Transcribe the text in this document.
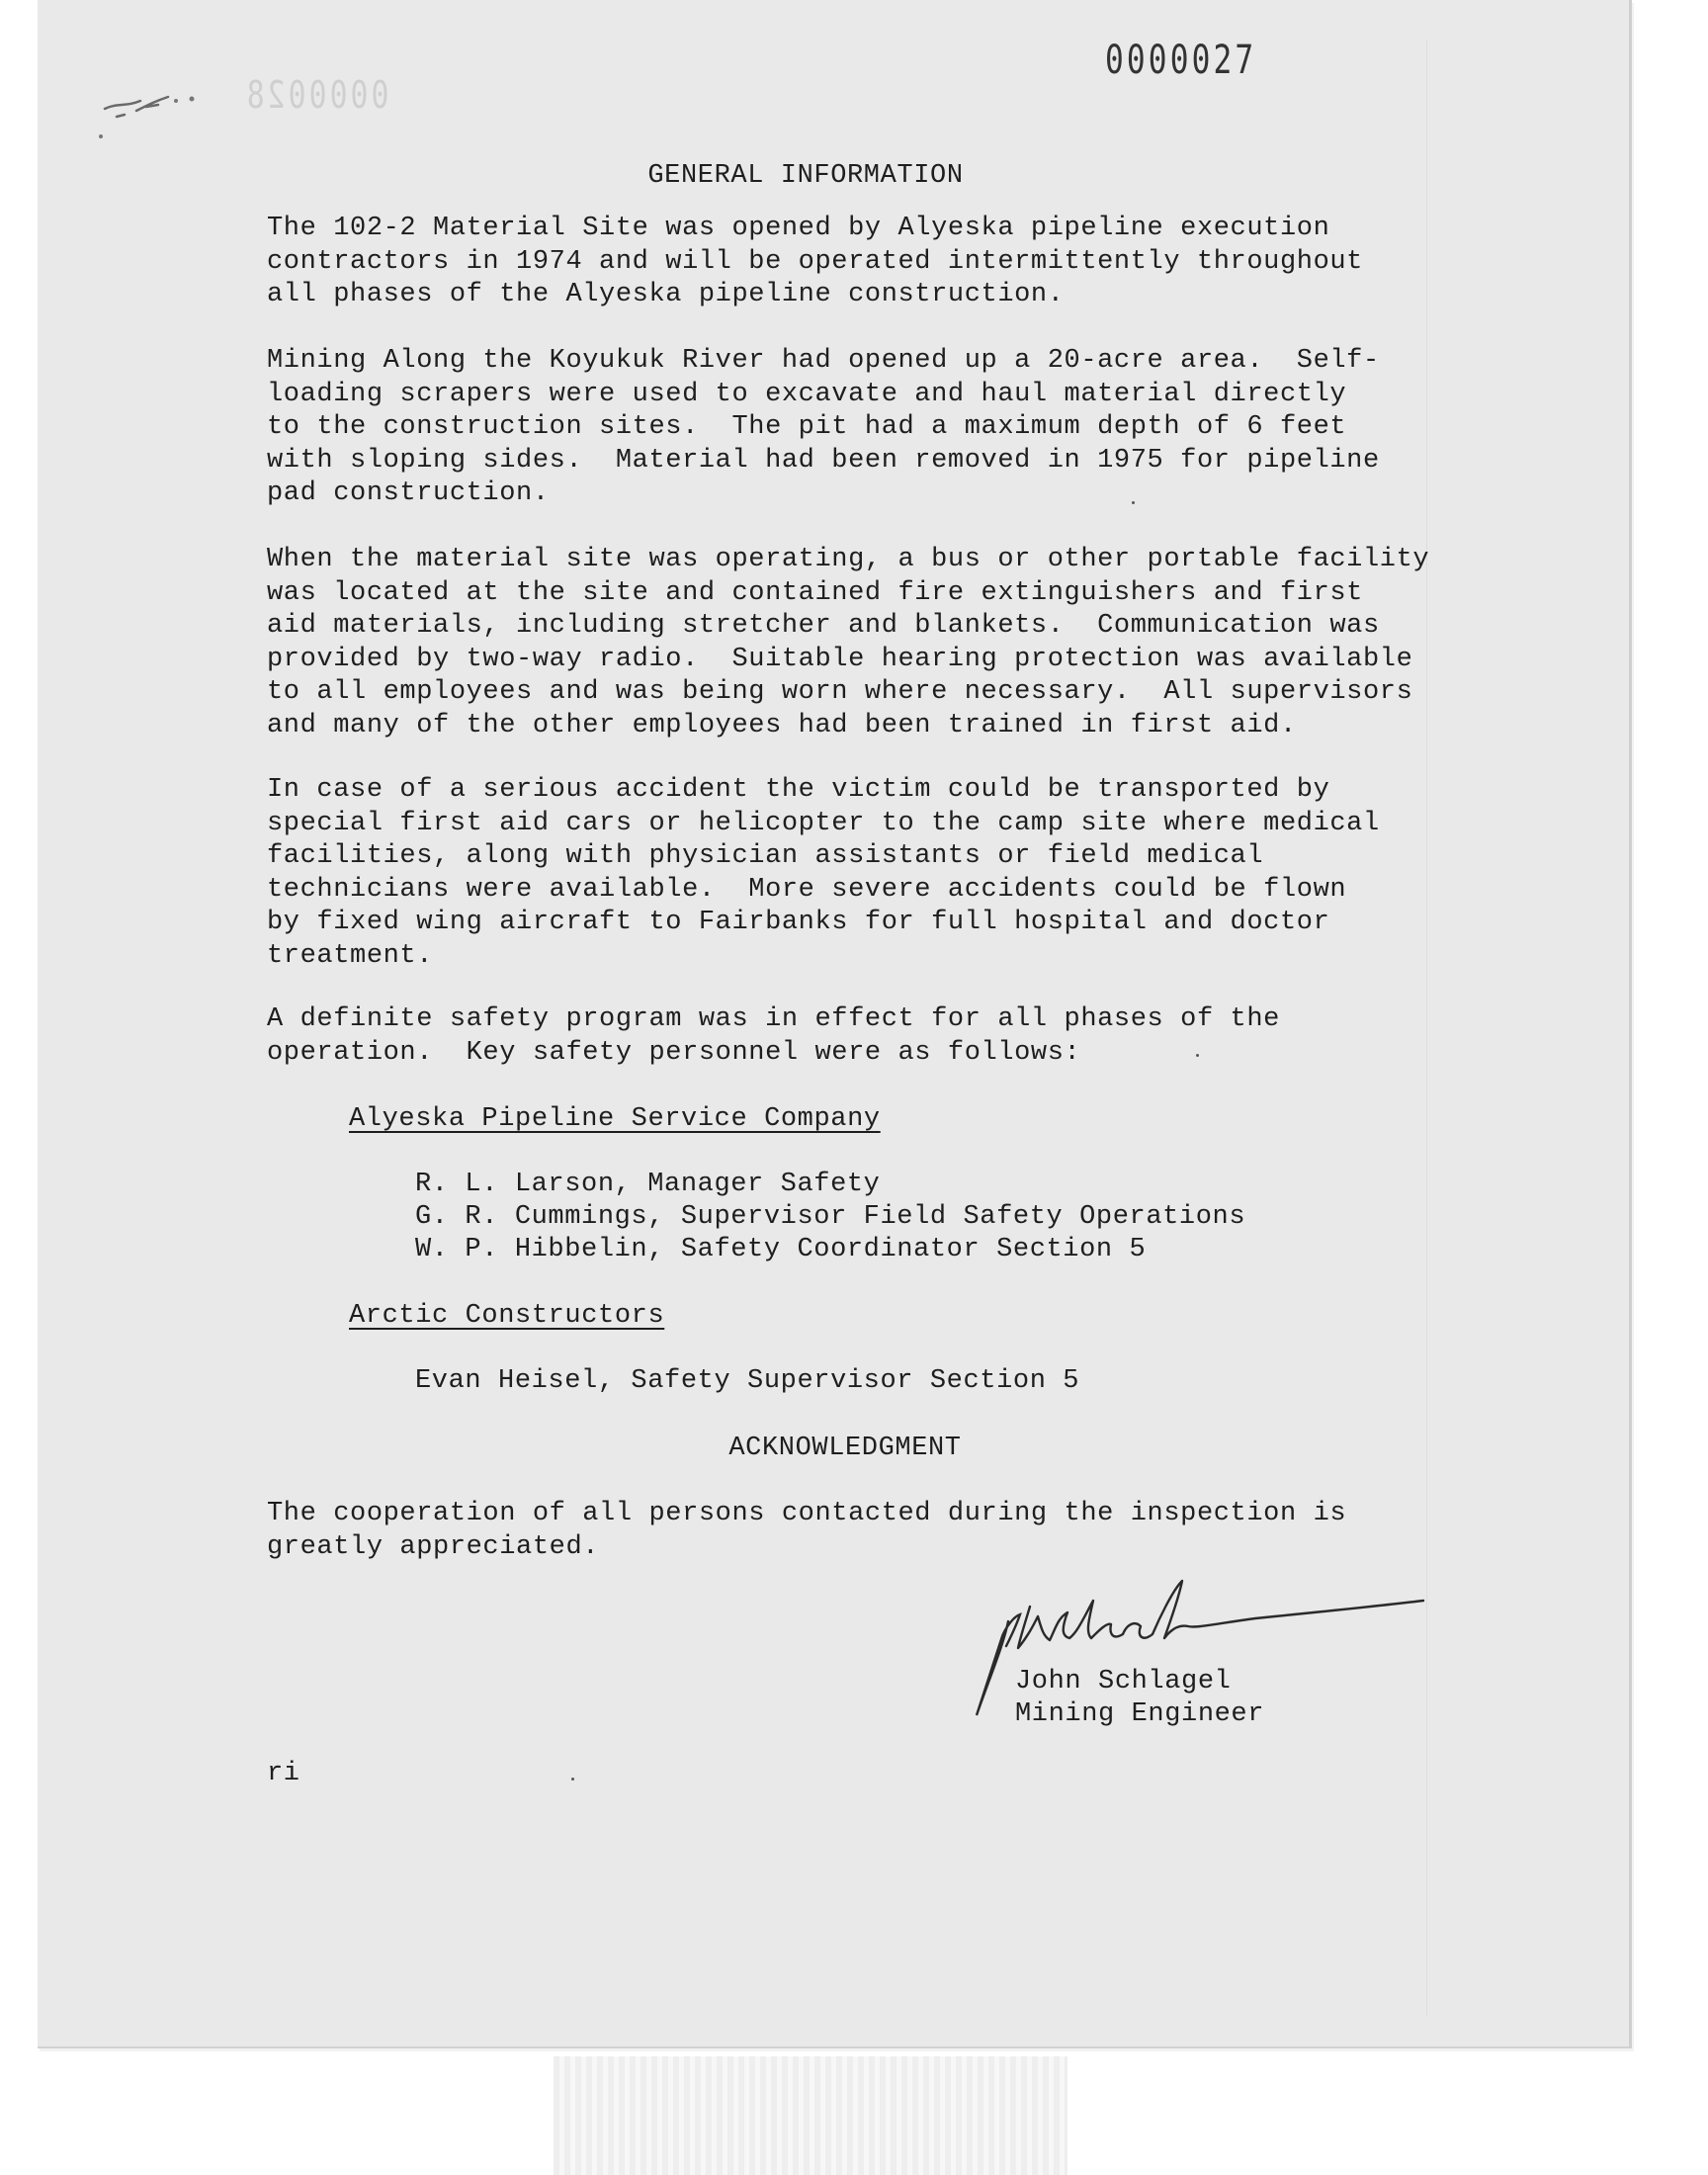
0000028
0000027
GENERAL INFORMATION

The 102-2 Material Site was opened by Alyeska pipeline execution
contractors in 1974 and will be operated intermittently throughout
all phases of the Alyeska pipeline construction.

Mining Along the Koyukuk River had opened up a 20-acre area.  Self-
loading scrapers were used to excavate and haul material directly
to the construction sites.  The pit had a maximum depth of 6 feet
with sloping sides.  Material had been removed in 1975 for pipeline
pad construction.

When the material site was operating, a bus or other portable facility
was located at the site and contained fire extinguishers and first
aid materials, including stretcher and blankets.  Communication was
provided by two-way radio.  Suitable hearing protection was available
to all employees and was being worn where necessary.  All supervisors
and many of the other employees had been trained in first aid.

In case of a serious accident the victim could be transported by
special first aid cars or helicopter to the camp site where medical
facilities, along with physician assistants or field medical
technicians were available.  More severe accidents could be flown
by fixed wing aircraft to Fairbanks for full hospital and doctor
treatment.

A definite safety program was in effect for all phases of the
operation.  Key safety personnel were as follows:

Alyeska Pipeline Service Company
R. L. Larson, Manager Safety
G. R. Cummings, Supervisor Field Safety Operations
W. P. Hibbelin, Safety Coordinator Section 5
Arctic Constructors
Evan Heisel, Safety Supervisor Section 5
ACKNOWLEDGMENT

The cooperation of all persons contacted during the inspection is
greatly appreciated.

John Schlagel
Mining Engineer
ri
